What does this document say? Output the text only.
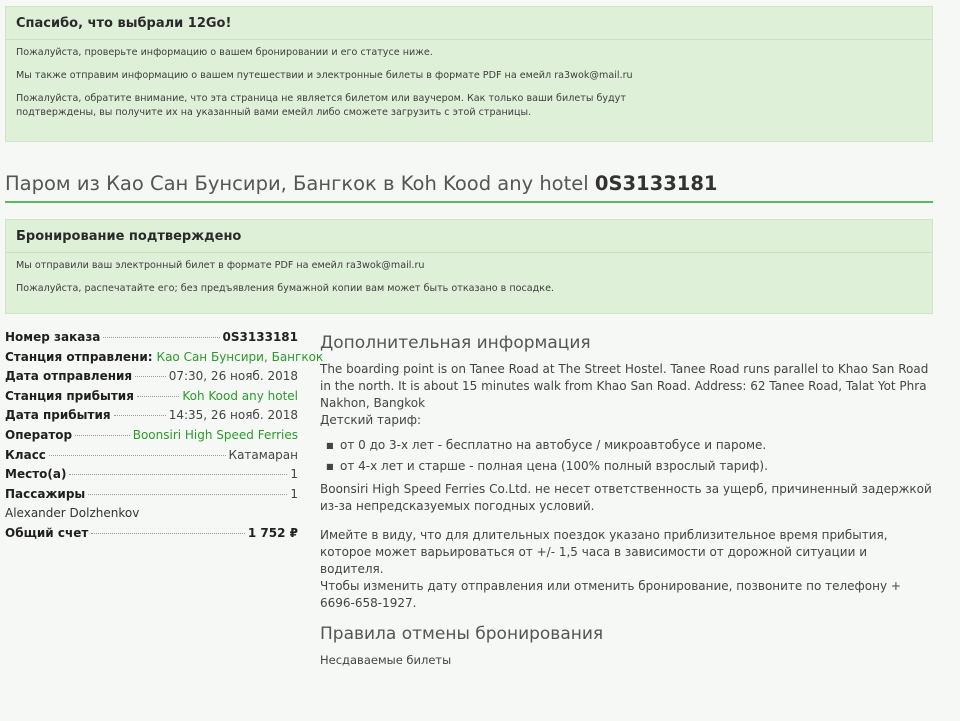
Спасибо, что выбрали 12Go!

Пожалуйста, проверьте информацию о вашем бронировании и его статусе ниже.

Мы также отправим информацию о вашем путешествии и электронные билеты в формате PDF на емейл ra3wok@mail.ru

Пожалуйста, обратите внимание, что эта страница не является билетом или ваучером. Как только ваши билеты будут подтверждены, вы получите их на указанный вами емейл либо сможете загрузить с этой страницы.

Паром из Као Сан Бунсири, Бангкок в Koh Kood any hotel 0S3133181
Бронирование подтверждено

Мы отправили ваш электронный билет в формате PDF на емейл ra3wok@mail.ru

Пожалуйста, распечатайте его; без предъявления бумажной копии вам может быть отказано в посадке.

Номер заказа	0S3133181
Станция отправлени: Као Сан Бунсири, Бангкок
Дата отправления	07:30, 26 нояб. 2018
Станция прибытия	Koh Kood any hotel
Дата прибытия	14:35, 26 нояб. 2018
Оператор	Boonsiri High Speed Ferries
Класс	Катамаран
Место(а)	1
Пассажиры	1
Alexander Dolzhenkov
Общий счет	1 752 ₽
Дополнительная информация
The boarding point is on Tanee Road at The Street Hostel. Tanee Road runs parallel to Khao San Road in the north. It is about 15 minutes walk from Khao San Road. Address: 62 Tanee Road, Talat Yot Phra Nakhon, Bangkok
Детский тариф:
■ от 0 до 3-х лет - бесплатно на автобусе / микроавтобусе и пароме.
■ от 4-х лет и старше - полная цена (100% полный взрослый тариф).

Boonsiri High Speed Ferries Co.Ltd. не несет ответственность за ущерб, причиненный задержкой из-за непредсказуемых погодных условий.

Имейте в виду, что для длительных поездок указано приблизительное время прибытия, которое может варьироваться от +/- 1,5 часа в зависимости от дорожной ситуации и водителя.

Чтобы изменить дату отправления или отменить бронирование, позвоните по телефону + 6696-658-1927.

Правила отмены бронирования
Несдаваемые билеты
